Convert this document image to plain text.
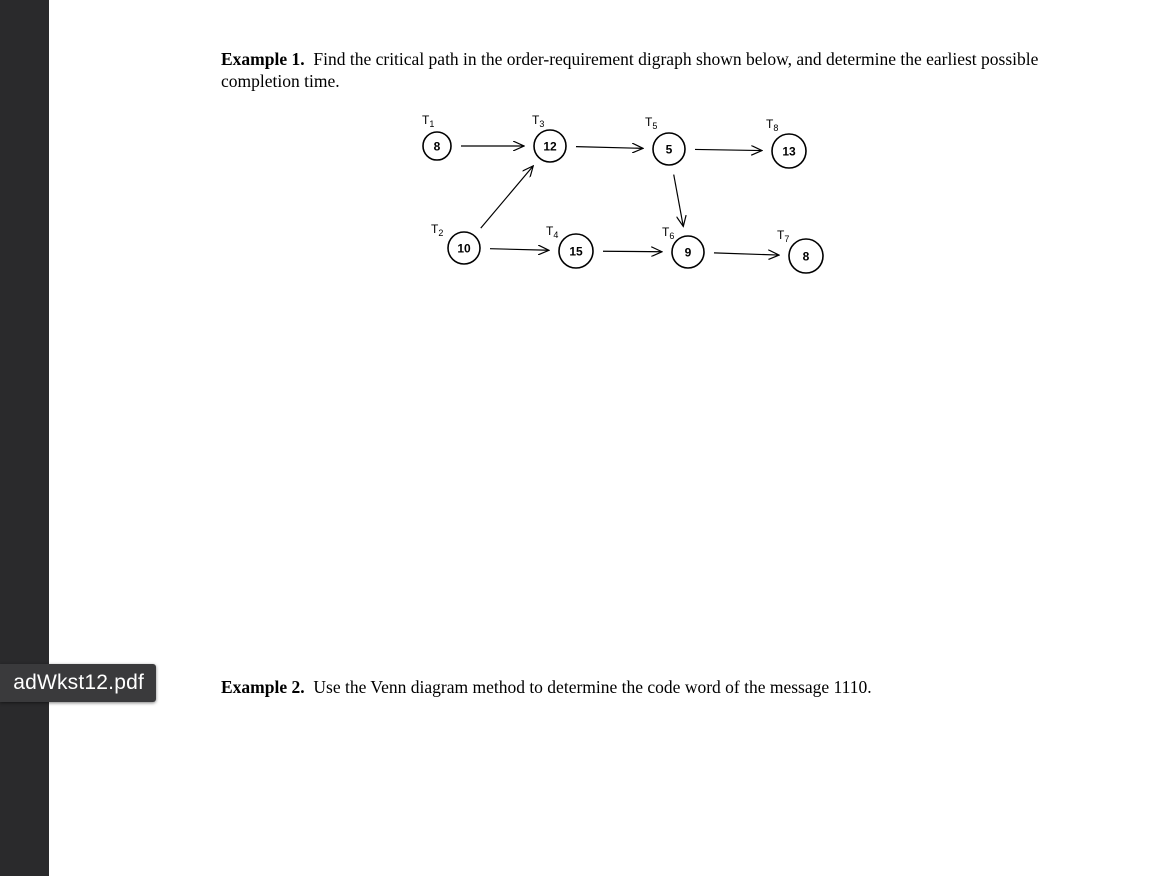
Example 1. Find the critical path in the order-requirement digraph shown below, and determine the earliest possible completion time.
8
$T_1$
12
$T_3$
5
$T_5$
13
$T_8$
10
$T_2$
15
$T_4$
9
$T_6$
8
$T_7$
Example 2. Use the Venn diagram method to determine the code word of the message 1110.
adWkst12.pdf
